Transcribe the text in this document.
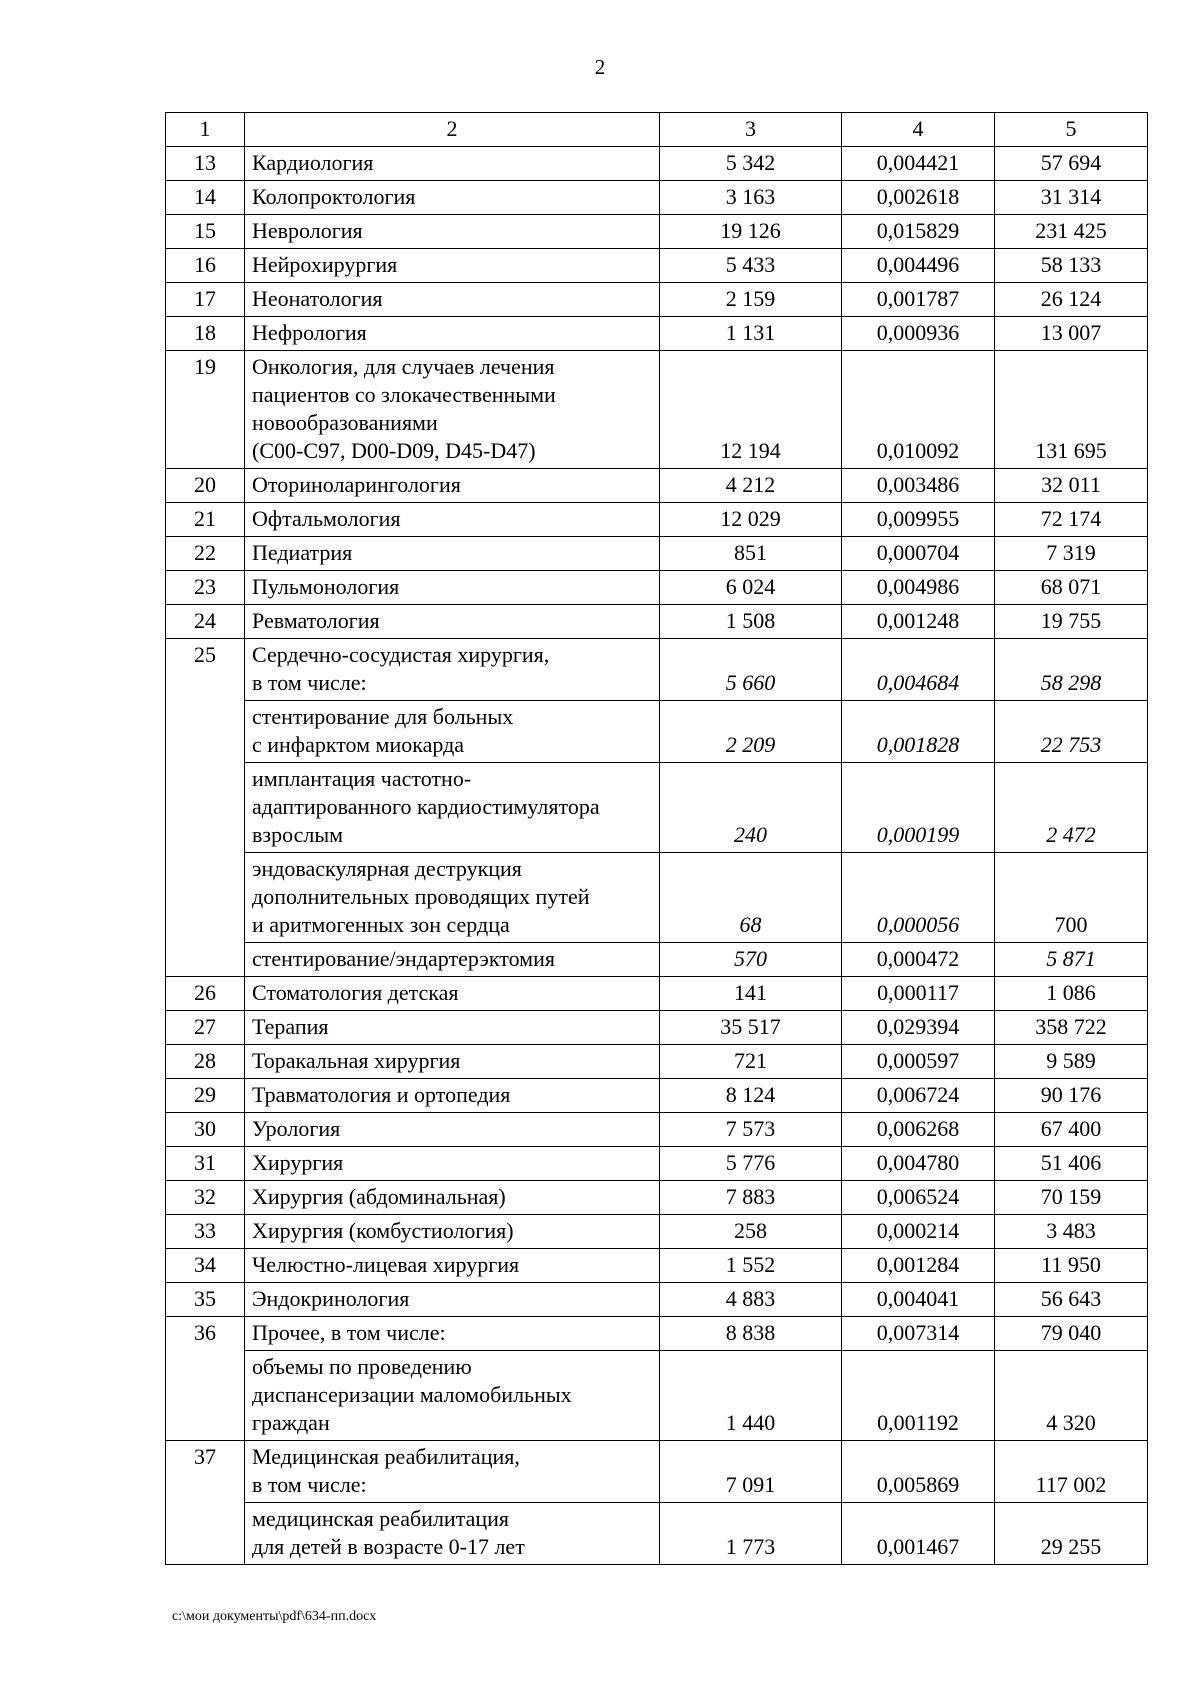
2
1	2	3	4	5
13	Кардиология	5 342	0,004421	57 694
14	Колопроктология	3 163	0,002618	31 314
15	Неврология	19 126	0,015829	231 425
16	Нейрохирургия	5 433	0,004496	58 133
17	Неонатология	2 159	0,001787	26 124
18	Нефрология	1 131	0,000936	13 007
19	Онкология, для случаев лечения
пациентов со злокачественными
новообразованиями
(C00-C97, D00-D09, D45-D47)	12 194	0,010092	131 695
20	Оториноларингология	4 212	0,003486	32 011
21	Офтальмология	12 029	0,009955	72 174
22	Педиатрия	851	0,000704	7 319
23	Пульмонология	6 024	0,004986	68 071
24	Ревматология	1 508	0,001248	19 755
25	Сердечно-сосудистая хирургия,
в том числе:	5 660	0,004684	58 298

	стентирование для больных
с инфарктом миокарда	2 209	0,001828	22 753

	имплантация частотно-
адаптированного кардиостимулятора
взрослым	240	0,000199	2 472

	эндоваскулярная деструкция
дополнительных проводящих путей
и аритмогенных зон сердца	68	0,000056	700

	стентирование/эндартерэктомия	570	0,000472	5 871
26	Стоматология детская	141	0,000117	1 086
27	Терапия	35 517	0,029394	358 722
28	Торакальная хирургия	721	0,000597	9 589
29	Травматология и ортопедия	8 124	0,006724	90 176
30	Урология	7 573	0,006268	67 400
31	Хирургия	5 776	0,004780	51 406
32	Хирургия (абдоминальная)	7 883	0,006524	70 159
33	Хирургия (комбустиология)	258	0,000214	3 483
34	Челюстно-лицевая хирургия	1 552	0,001284	11 950
35	Эндокринология	4 883	0,004041	56 643
36	Прочее, в том числе:	8 838	0,007314	79 040

	объемы по проведению
диспансеризации маломобильных
граждан	1 440	0,001192	4 320
37	Медицинская реабилитация,
в том числе:	7 091	0,005869	117 002

	медицинская реабилитация
для детей в возрасте 0-17 лет	1 773	0,001467	29 255
c:\мои документы\pdf\634-пп.docx
